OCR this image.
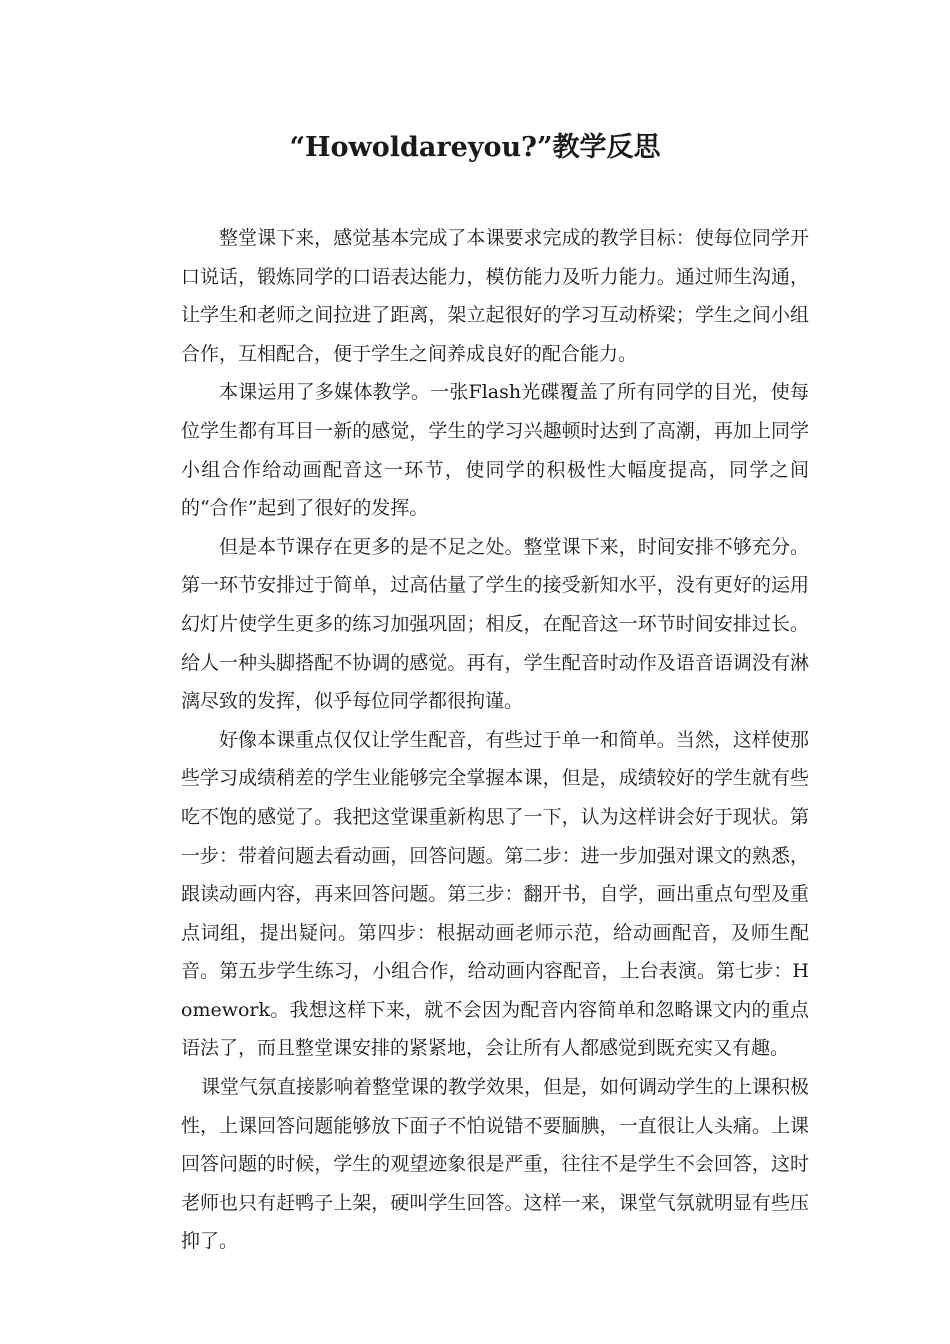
“Howoldareyou?”教学反思

整堂课下来，感觉基本完成了本课要求完成的教学目标：使每位同学开口说话，锻炼同学的口语表达能力，模仿能力及听力能力。通过师生沟通，让学生和老师之间拉进了距离，架立起很好的学习互动桥梁；学生之间小组合作，互相配合，便于学生之间养成良好的配合能力。

本课运用了多媒体教学。一张Flash光碟覆盖了所有同学的目光，使每位学生都有耳目一新的感觉，学生的学习兴趣顿时达到了高潮，再加上同学小组合作给动画配音这一环节，使同学的积极性大幅度提高，同学之间的“合作”起到了很好的发挥。

但是本节课存在更多的是不足之处。整堂课下来，时间安排不够充分。第一环节安排过于简单，过高估量了学生的接受新知水平，没有更好的运用幻灯片使学生更多的练习加强巩固；相反，在配音这一环节时间安排过长。给人一种头脚搭配不协调的感觉。再有，学生配音时动作及语音语调没有淋漓尽致的发挥，似乎每位同学都很拘谨。

好像本课重点仅仅让学生配音，有些过于单一和简单。当然，这样使那些学习成绩稍差的学生业能够完全掌握本课，但是，成绩较好的学生就有些吃不饱的感觉了。我把这堂课重新构思了一下，认为这样讲会好于现状。第一步：带着问题去看动画，回答问题。第二步：进一步加强对课文的熟悉，跟读动画内容，再来回答问题。第三步：翻开书，自学，画出重点句型及重点词组，提出疑问。第四步：根据动画老师示范，给动画配音，及师生配音。第五步学生练习，小组合作，给动画内容配音，上台表演。第七步：Homework。我想这样下来，就不会因为配音内容简单和忽略课文内的重点语法了，而且整堂课安排的紧紧地，会让所有人都感觉到既充实又有趣。

课堂气氛直接影响着整堂课的教学效果，但是，如何调动学生的上课积极性，上课回答问题能够放下面子不怕说错不要腼腆，一直很让人头痛。上课回答问题的时候，学生的观望迹象很是严重，往往不是学生不会回答，这时老师也只有赶鸭子上架，硬叫学生回答。这样一来，课堂气氛就明显有些压抑了。
